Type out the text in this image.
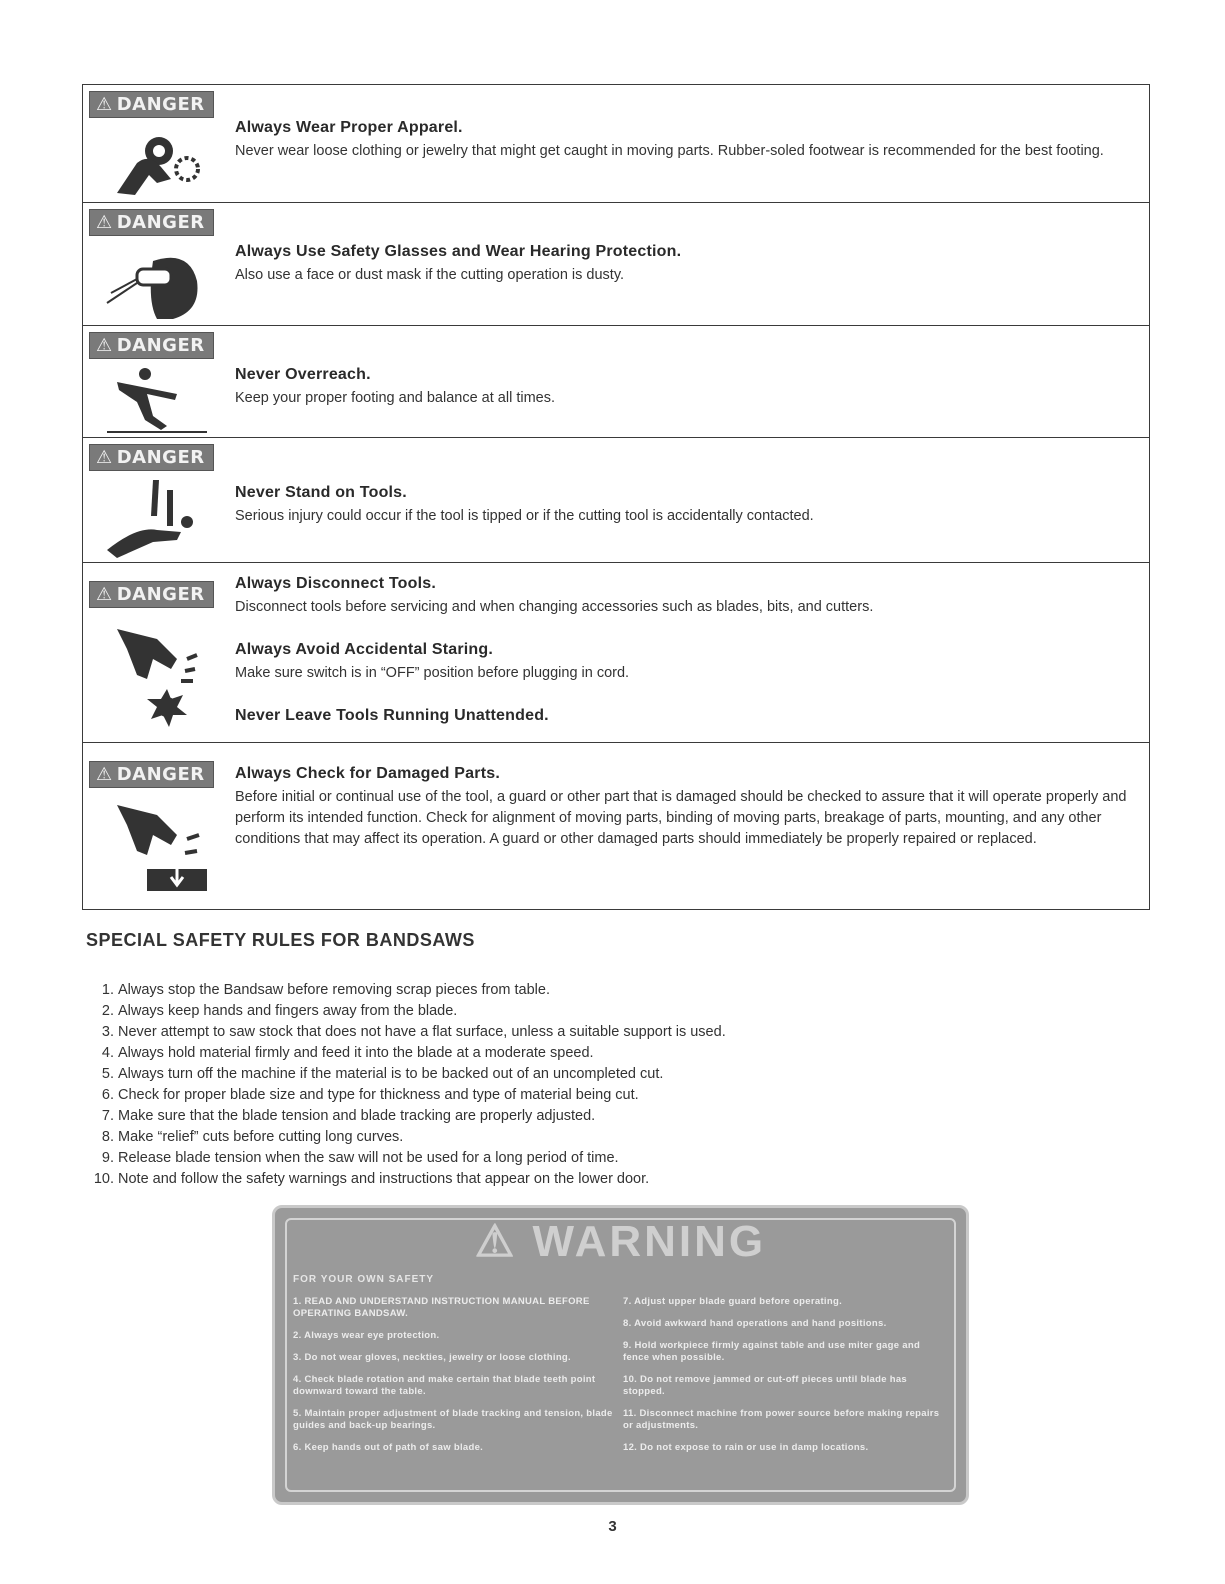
⚠ DANGER
Always Wear Proper Apparel.

Never wear loose clothing or jewelry that might get caught in moving parts. Rubber-soled footwear is recommended for the best footing.

⚠ DANGER
Always Use Safety Glasses and Wear Hearing Protection.

Also use a face or dust mask if the cutting operation is dusty.

⚠ DANGER
Never Overreach.

Keep your proper footing and balance at all times.

⚠ DANGER
Never Stand on Tools.

Serious injury could occur if the tool is tipped or if the cutting tool is accidentally contacted.

⚠ DANGER
Always Disconnect Tools.

Disconnect tools before servicing and when changing accessories such as blades, bits, and cutters.

Always Avoid Accidental Staring.

Make sure switch is in “OFF” position before plugging in cord.

Never Leave Tools Running Unattended.
⚠ DANGER	Always Check for Damaged Parts.

Before initial or continual use of the tool, a guard or other part that is damaged should be checked to assure that it will operate properly and perform its intended function. Check for alignment of moving parts, binding of moving parts, breakage of parts, mounting, and any other conditions that may affect its operation. A guard or other damaged parts should immediately be properly repaired or replaced.

SPECIAL SAFETY RULES FOR BANDSAWS
1. Always stop the Bandsaw before removing scrap pieces from table.
2. Always keep hands and fingers away from the blade.
3. Never attempt to saw stock that does not have a flat surface, unless a suitable support is used.
4. Always hold material firmly and feed it into the blade at a moderate speed.
5. Always turn off the machine if the material is to be backed out of an uncompleted cut.
6. Check for proper blade size and type for thickness and type of material being cut.
7. Make sure that the blade tension and blade tracking are properly adjusted.
8. Make “relief” cuts before cutting long curves.
9. Release blade tension when the saw will not be used for a long period of time.
10. Note and follow the safety warnings and instructions that appear on the lower door.
⚠ WARNING
FOR YOUR OWN SAFETY
1. READ AND UNDERSTAND INSTRUCTION MANUAL BEFORE OPERATING BANDSAW.
2. Always wear eye protection.
3. Do not wear gloves, neckties, jewelry or loose clothing.
4. Check blade rotation and make certain that blade teeth point downward toward the table.
5. Maintain proper adjustment of blade tracking and tension, blade guides and back-up bearings.
6. Keep hands out of path of saw blade.
7. Adjust upper blade guard before operating.
8. Avoid awkward hand operations and hand positions.
9. Hold workpiece firmly against table and use miter gage and fence when possible.
10. Do not remove jammed or cut-off pieces until blade has stopped.
11. Disconnect machine from power source before making repairs or adjustments.
12. Do not expose to rain or use in damp locations.
3
